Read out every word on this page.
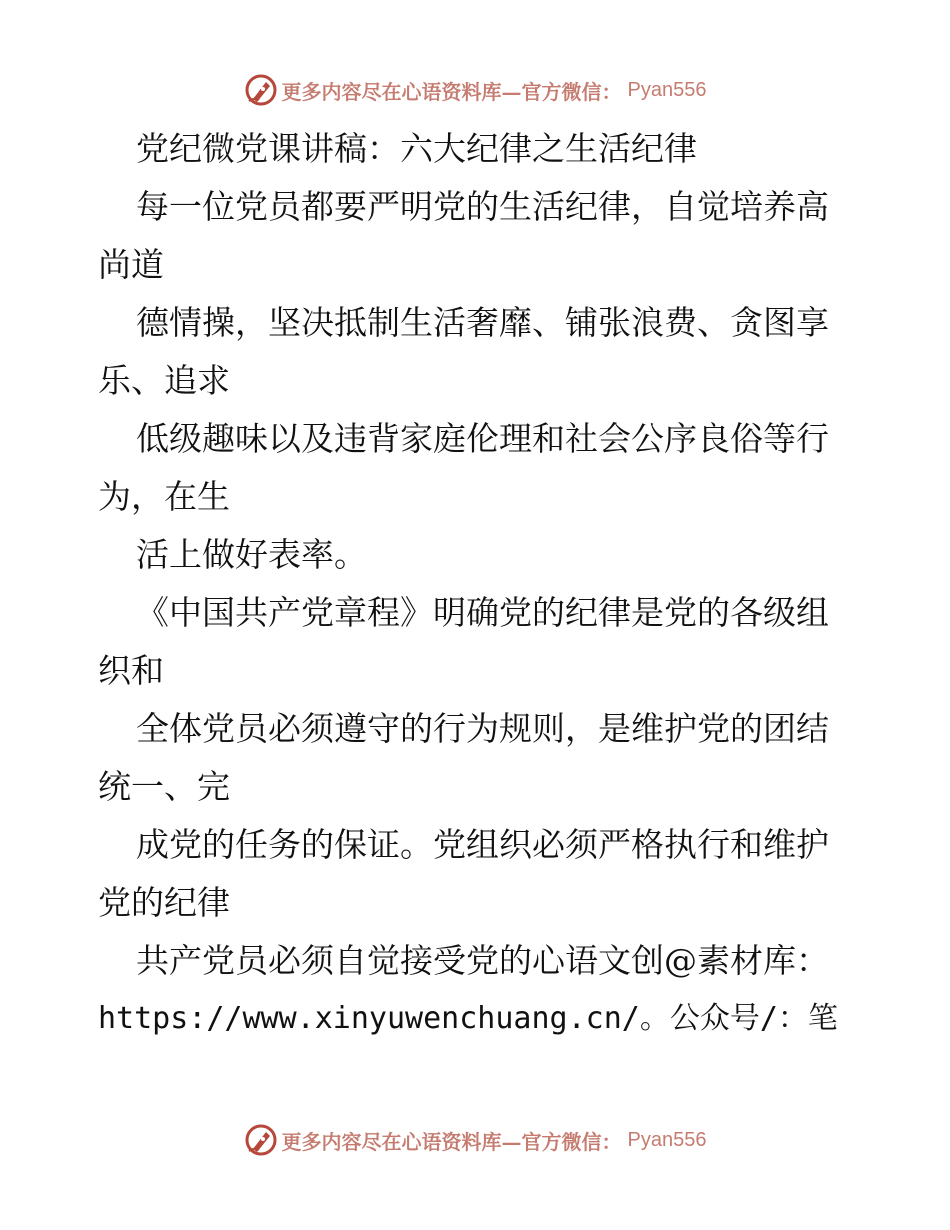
更多内容尽在心语资料库—官方微信： Pyan556
党纪微党课讲稿：六大纪律之生活纪律
每一位党员都要严明党的生活纪律，自觉培养高
尚道
德情操，坚决抵制生活奢靡、铺张浪费、贪图享
乐、追求
低级趣味以及违背家庭伦理和社会公序良俗等行
为，在生
活上做好表率。
《中国共产党章程》明确党的纪律是党的各级组
织和
全体党员必须遵守的行为规则，是维护党的团结
统一、完
成党的任务的保证。党组织必须严格执行和维护
党的纪律
共产党员必须自觉接受党的心语文创@素材库：
https://www.xinyuwenchuang.cn/。公众号/：笔
更多内容尽在心语资料库—官方微信： Pyan556
